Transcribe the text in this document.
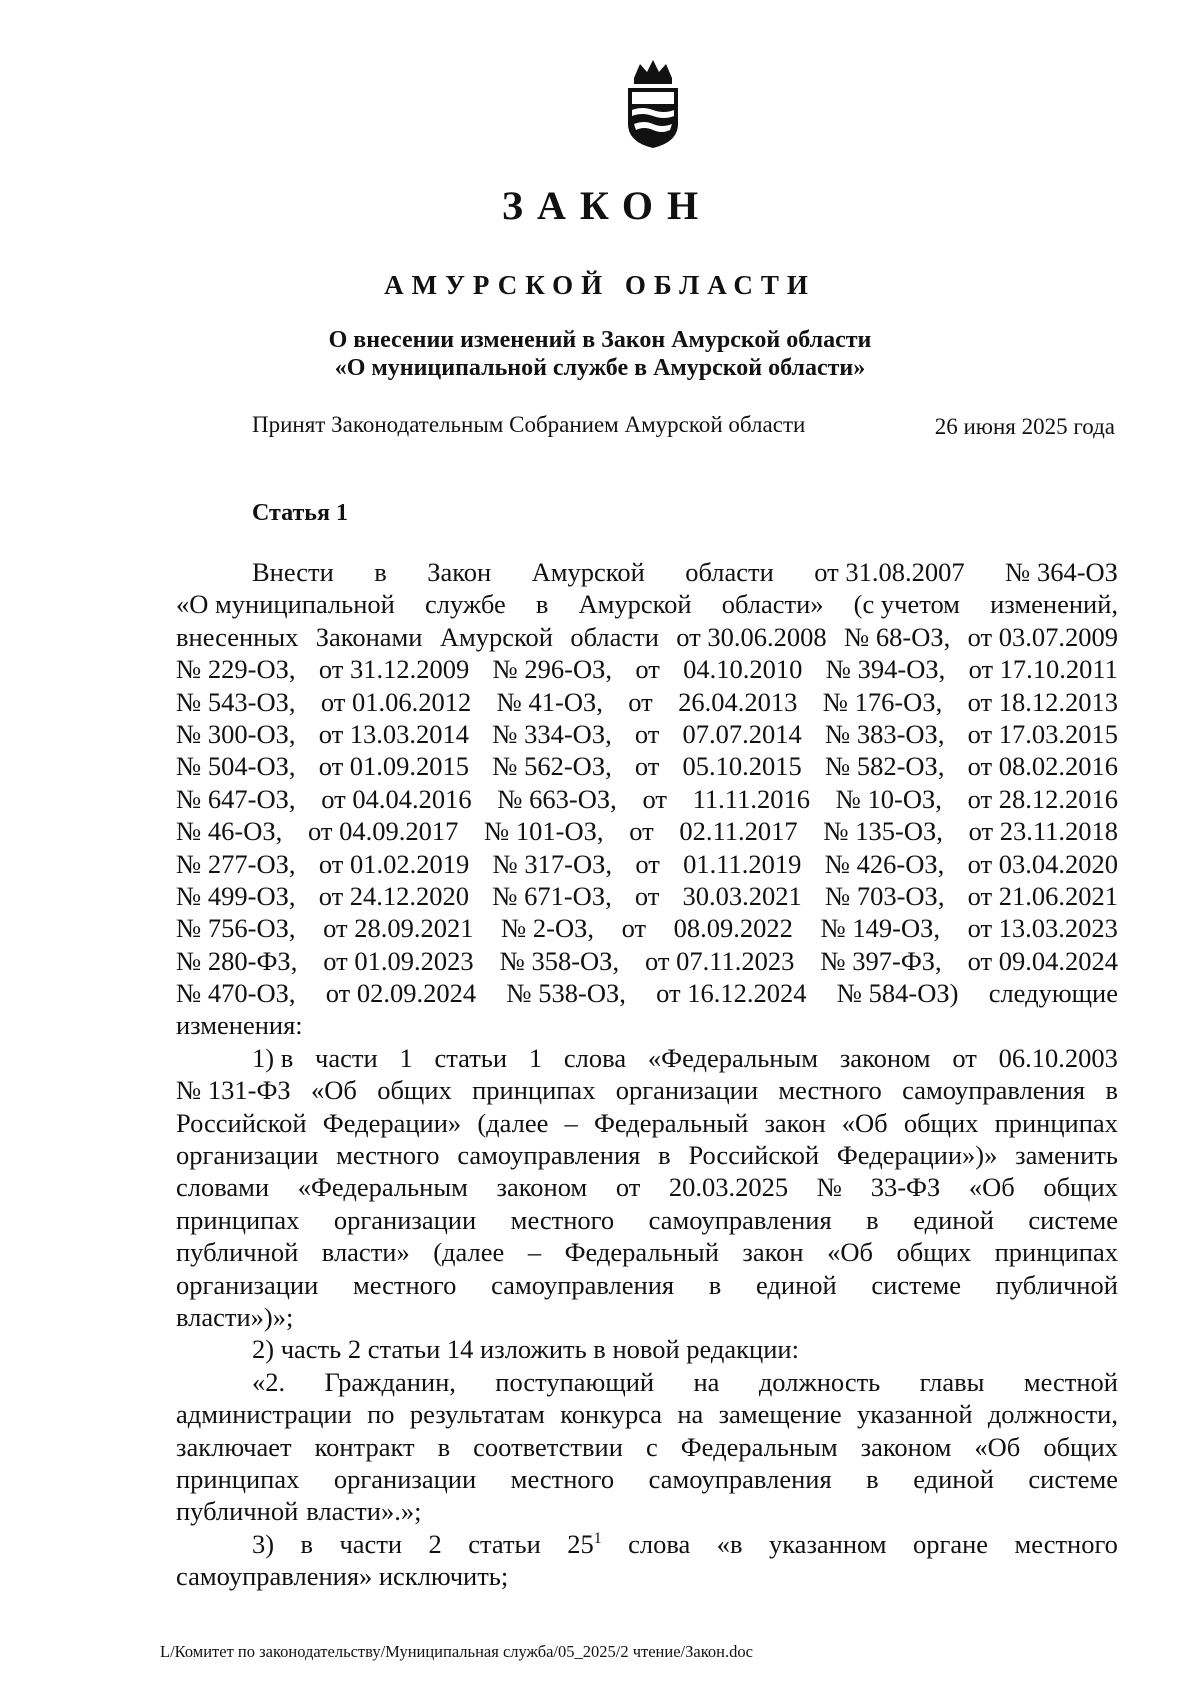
ЗАКОН
АМУРСКОЙ ОБЛАСТИ
О внесении изменений в Закон Амурской области
«О муниципальной службе в Амурской области»
Принят Законодательным Собранием Амурской области	26 июня 2025 года
Статья 1
Внести в Закон Амурской области от 31.08.2007 № 364-ОЗ
«О муниципальной службе в Амурской области» (с учетом изменений,
внесенных Законами Амурской области от 30.06.2008 № 68-ОЗ, от 03.07.2009
№ 229-ОЗ, от 31.12.2009 № 296-ОЗ, от 04.10.2010 № 394-ОЗ, от 17.10.2011
№ 543-ОЗ, от 01.06.2012 № 41-ОЗ, от 26.04.2013 № 176-ОЗ, от 18.12.2013
№ 300-ОЗ, от 13.03.2014 № 334-ОЗ, от 07.07.2014 № 383-ОЗ, от 17.03.2015
№ 504-ОЗ, от 01.09.2015 № 562-ОЗ, от 05.10.2015 № 582-ОЗ, от 08.02.2016
№ 647-ОЗ, от 04.04.2016 № 663-ОЗ, от 11.11.2016 № 10-ОЗ, от 28.12.2016
№ 46-ОЗ, от 04.09.2017 № 101-ОЗ, от 02.11.2017 № 135-ОЗ, от 23.11.2018
№ 277-ОЗ, от 01.02.2019 № 317-ОЗ, от 01.11.2019 № 426-ОЗ, от 03.04.2020
№ 499-ОЗ, от 24.12.2020 № 671-ОЗ, от 30.03.2021 № 703-ОЗ, от 21.06.2021
№ 756-ОЗ, от 28.09.2021 № 2-ОЗ, от 08.09.2022 № 149-ОЗ, от 13.03.2023
№ 280-ФЗ, от 01.09.2023 № 358-ОЗ, от 07.11.2023 № 397-ФЗ, от 09.04.2024
№ 470-ОЗ, от 02.09.2024 № 538-ОЗ, от 16.12.2024 № 584-ОЗ) следующие
изменения:
1) в части 1 статьи 1 слова «Федеральным законом от 06.10.2003
№ 131-ФЗ «Об общих принципах организации местного самоуправления в
Российской Федерации» (далее – Федеральный закон «Об общих принципах
организации местного самоуправления в Российской Федерации»)» заменить
словами «Федеральным законом от 20.03.2025 № 33-ФЗ «Об общих
принципах организации местного самоуправления в единой системе
публичной власти» (далее – Федеральный закон «Об общих принципах
организации местного самоуправления в единой системе публичной
власти»)»;
2) часть 2 статьи 14 изложить в новой редакции:
«2. Гражданин, поступающий на должность главы местной
администрации по результатам конкурса на замещение указанной должности,
заключает контракт в соответствии с Федеральным законом «Об общих
принципах организации местного самоуправления в единой системе
публичной власти».»;
3) в части 2 статьи $25^1$ слова «в указанном органе местного
самоуправления» исключить;
L/Комитет по законодательству/Муниципальная служба/05_2025/2 чтение/Закон.doc
